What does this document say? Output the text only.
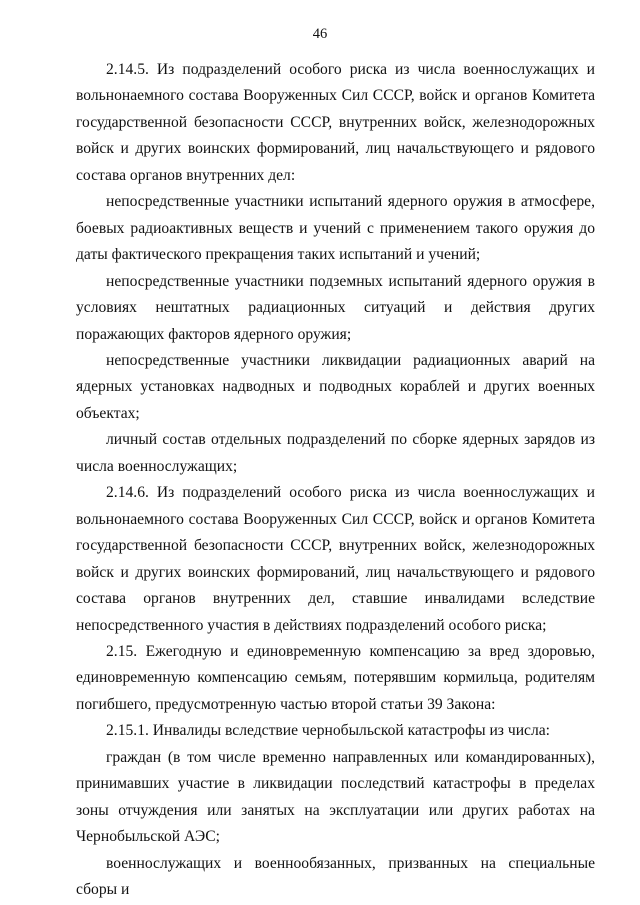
46

2.14.5. Из подразделений особого риска из числа военнослужащих и вольнонаемного состава Вооруженных Сил СССР, войск и органов Комитета государственной безопасности СССР, внутренних войск, железнодорожных войск и других воинских формирований, лиц начальствующего и рядового состава органов внутренних дел:

непосредственные участники испытаний ядерного оружия в атмосфере, боевых радиоактивных веществ и учений с применением такого оружия до даты фактического прекращения таких испытаний и учений;

непосредственные участники подземных испытаний ядерного оружия в условиях нештатных радиационных ситуаций и действия других поражающих факторов ядерного оружия;

непосредственные участники ликвидации радиационных аварий на ядерных установках надводных и подводных кораблей и других военных объектах;

личный состав отдельных подразделений по сборке ядерных зарядов из числа военнослужащих;

2.14.6. Из подразделений особого риска из числа военнослужащих и вольнонаемного состава Вооруженных Сил СССР, войск и органов Комитета государственной безопасности СССР, внутренних войск, железнодорожных войск и других воинских формирований, лиц начальствующего и рядового состава органов внутренних дел, ставшие инвалидами вследствие непосредственного участия в действиях подразделений особого риска;

2.15. Ежегодную и единовременную компенсацию за вред здоровью, единовременную компенсацию семьям, потерявшим кормильца, родителям погибшего, предусмотренную частью второй статьи 39 Закона:

2.15.1. Инвалиды вследствие чернобыльской катастрофы из числа:

граждан (в том числе временно направленных или командированных), принимавших участие в ликвидации последствий катастрофы в пределах зоны отчуждения или занятых на эксплуатации или других работах на Чернобыльской АЭС;

военнослужащих и военнообязанных, призванных на специальные сборы и
